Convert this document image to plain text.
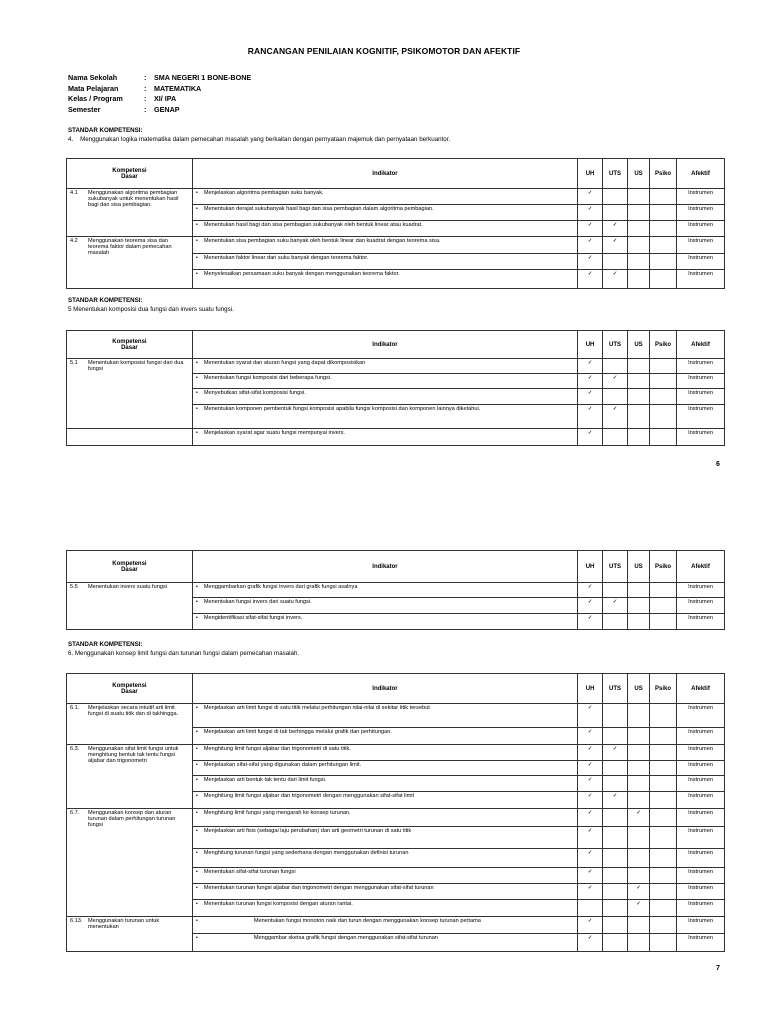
RANCANGAN PENILAIAN KOGNITIF, PSIKOMOTOR DAN AFEKTIF
Nama Sekolah	:	SMA NEGERI 1 BONE-BONE
Mata Pelajaran	:	MATEMATIKA
Kelas / Program	:	XI/ IPA
Semester	:	GENAP
STANDAR KOMPETENSI:
4. Menggunakan logika matematika dalam pemecahan masalah yang berkaitan dengan pernyataan majemuk dan pernyataan berkuantor.
Kompetensi
Dasar	Indikator	UH	UTS	US	Psiko	Afektif

4.1 Menggunakan algoritma pembagian sukubanyak untuk menentukan hasil bagi dan sisa pembagian.	• Menjelaskan algoritma pembagian suku banyak.	✓				Instrumen

	• Menentukan derajat sukubanyak hasil bagi dan sisa pembagian dalam algoritma pembagian.	✓				Instrumen

	• Menentukan hasil bagi dan sisa pembagian sukubanyak oleh bentuk linear atau kuadrat.	✓	✓			Instrumen

4.2 Menggunakan teorema sisa dan teorema faktor dalam pemecahan masalah	• Menentukan sisa pembagian suku banyak oleh bentuk linear dan kuadrat dengan teorema sisa.	✓	✓			Instrumen

	• Menentukan faktor linear dari suku banyak dengan teorema faktor.	✓				Instrumen

	• Menyelesaikan persamaan suku banyak dengan menggunakan teorema faktor.	✓	✓			Instrumen
STANDAR KOMPETENSI:
5 Menentukan komposisi dua fungsi dan invers suatu fungsi.
Kompetensi
Dasar	Indikator	UH	UTS	US	Psiko	Afektif

5.1 Menentukan komposisi fungsi dari dua fungsi	• Menentukan syarat dan aturan fungsi yang dapat dikomposisikan	✓				Instrumen

	• Menentukan fungsi komposisi dari beberapa fungsi.	✓	✓			Instrumen

	• Menyebutkan sifat-sifat komposisi fungsi.	✓				Instrumen

	• Menentukan komponen pembentuk fungsi komposisi apabila fungsi komposisi dan komponen lainnya diketahui.	✓	✓			Instrumen

	• Menjelaskan syarat agar suatu fungsi mempunyai invers.	✓				Instrumen
6
Kompetensi
Dasar	Indikator	UH	UTS	US	Psiko	Afektif

5.5 Menentukan invers suatu fungsi	• Menggambarkan grafik fungsi invers dari grafik fungsi asalnya	✓				Instrumen

	• Menentukan fungsi invers dari suatu fungsi.	✓	✓			Instrumen

	• Mengidentifikasi sifat-sifat fungsi invers.	✓				Instrumen
STANDAR KOMPETENSI:
6. Menggunakan konsep limit fungsi dan turunan fungsi dalam pemecahan masalah.
Kompetensi
Dasar	Indikator	UH	UTS	US	Psiko	Afektif

6.1. Menjelaskan secara intuitif arti limit fungsi di suatu titik dan di takhingga.	• Menjelaskan arti limit fungsi di satu titik melalui perhitungan nilai-nilai di sekitar titik tersebut	✓				Instrumen

	• Menjelaskan arti limit fungsi di tak berhingga melalui grafik dan perhitungan.	✓				Instrumen

6.3. Menggunakan sifat limit fungsi untuk menghitung bentuk tak tentu fungsi aljabar dan trigonometri	• Menghitung limit fungsi aljabar dan trigonometri di satu titik.	✓	✓			Instrumen

	• Menjelaskan sifat-sifat yang digunakan dalam perhitungan limit.	✓				Instrumen

	• Menjelaskan arti bentuk tak tentu dari limit fungsi.	✓				Instrumen

	• Menghitung limit fungsi aljabar dan trigonometri dengan menggunakan sifat-sifat limit	✓	✓			Instrumen

6.7. Menggunakan konsep dan aturan turunan dalam perhitungan turunan fungsi	• Menghitung limit fungsi yang mengarah ke konsep turunan.	✓		✓		Instrumen

	• Menjelaskan arti fisis (sebagai laju perubahan) dan arti geometri turunan di satu titik	✓				Instrumen

	• Menghitung turunan fungsi yang sederhana dengan menggunakan definisi turunan	✓				Instrumen

	• Menentukan sifat-sifat turunan fungsi	✓				Instrumen

	• Menentukan turunan fungsi aljabar dan trigonometri dengan menggunakan sifat-sifat turunan	✓		✓		Instrumen

	• Menentukan turunan fungsi komposisi dengan aturan rantai.			✓		Instrumen

6.13. Menggunakan turunan untuk menentukan	• Menentukan fungsi monoton naik dan turun dengan menggunakan konsep turunan pertama	✓				Instrumen

	• Menggambar sketsa grafik fungsi dengan menggunakan sifat-sifat turunan	✓				Instrumen
7
